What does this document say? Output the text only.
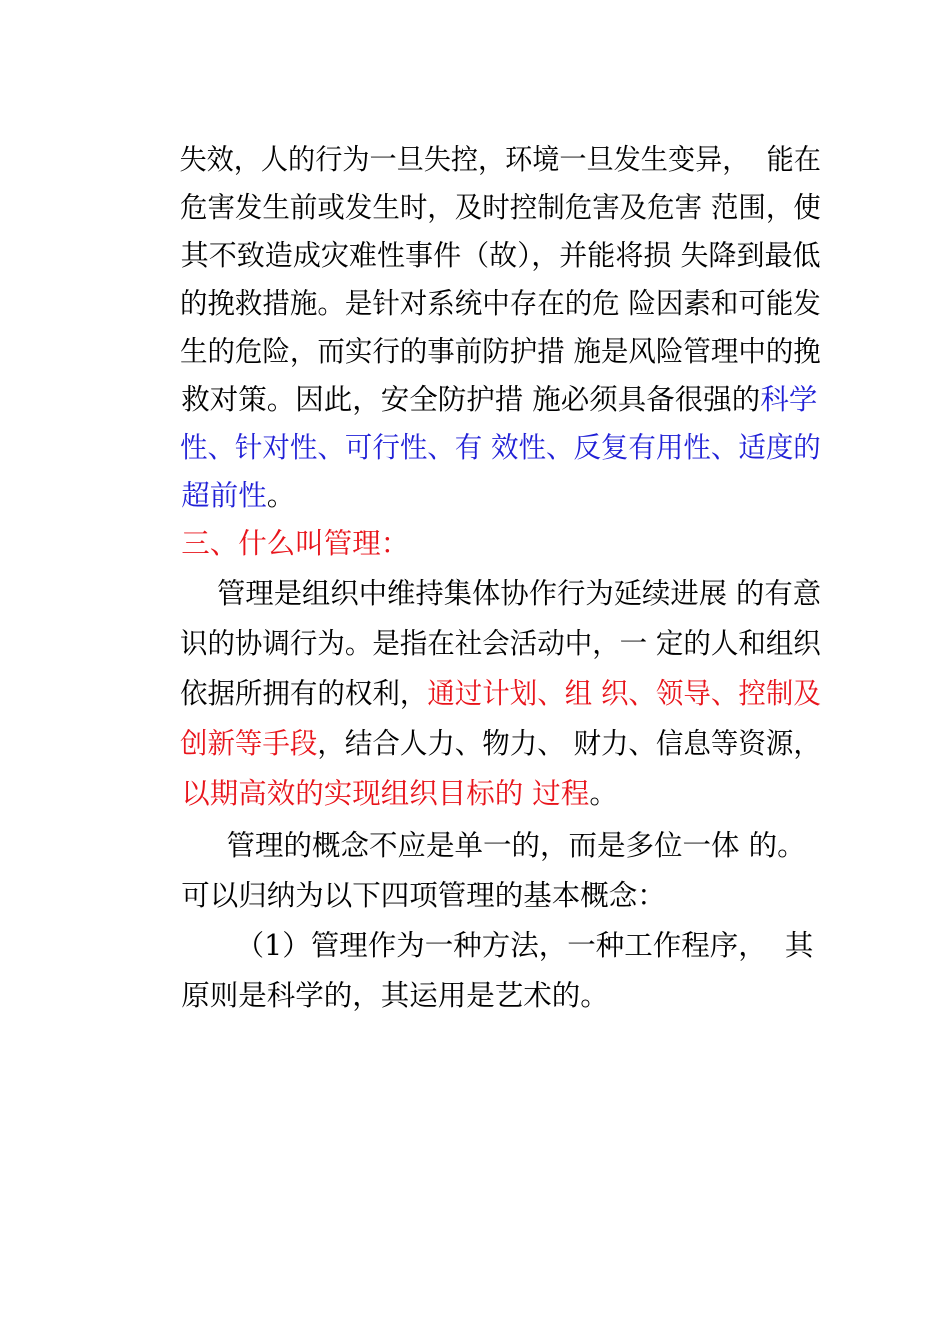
失效，人的行为一旦失控，环境一旦发生变异，  能在

危害发生前或发生时，及时控制危害及危害 范围，使

其不致造成灾难性事件（故），并能将损 失降到最低

的挽救措施。是针对系统中存在的危 险因素和可能发

生的危险，而实行的事前防护措 施是风险管理中的挽

救对策。因此，安全防护措 施必须具备很强的科学

性、针对性、可行性、有 效性、反复有用性、适度的

超前性。

三、什么叫管理：

管理是组织中维持集体协作行为延续进展 的有意

识的协调行为。是指在社会活动中，一 定的人和组织

依据所拥有的权利，通过计划、组 织、领导、控制及

创新等手段，结合人力、物力、 财力、信息等资源，

以期高效的实现组织目标的 过程。

管理的概念不应是单一的，而是多位一体 的。

可以归纳为以下四项管理的基本概念：

（1）管理作为一种方法，一种工作程序，  其

原则是科学的，其运用是艺术的。
